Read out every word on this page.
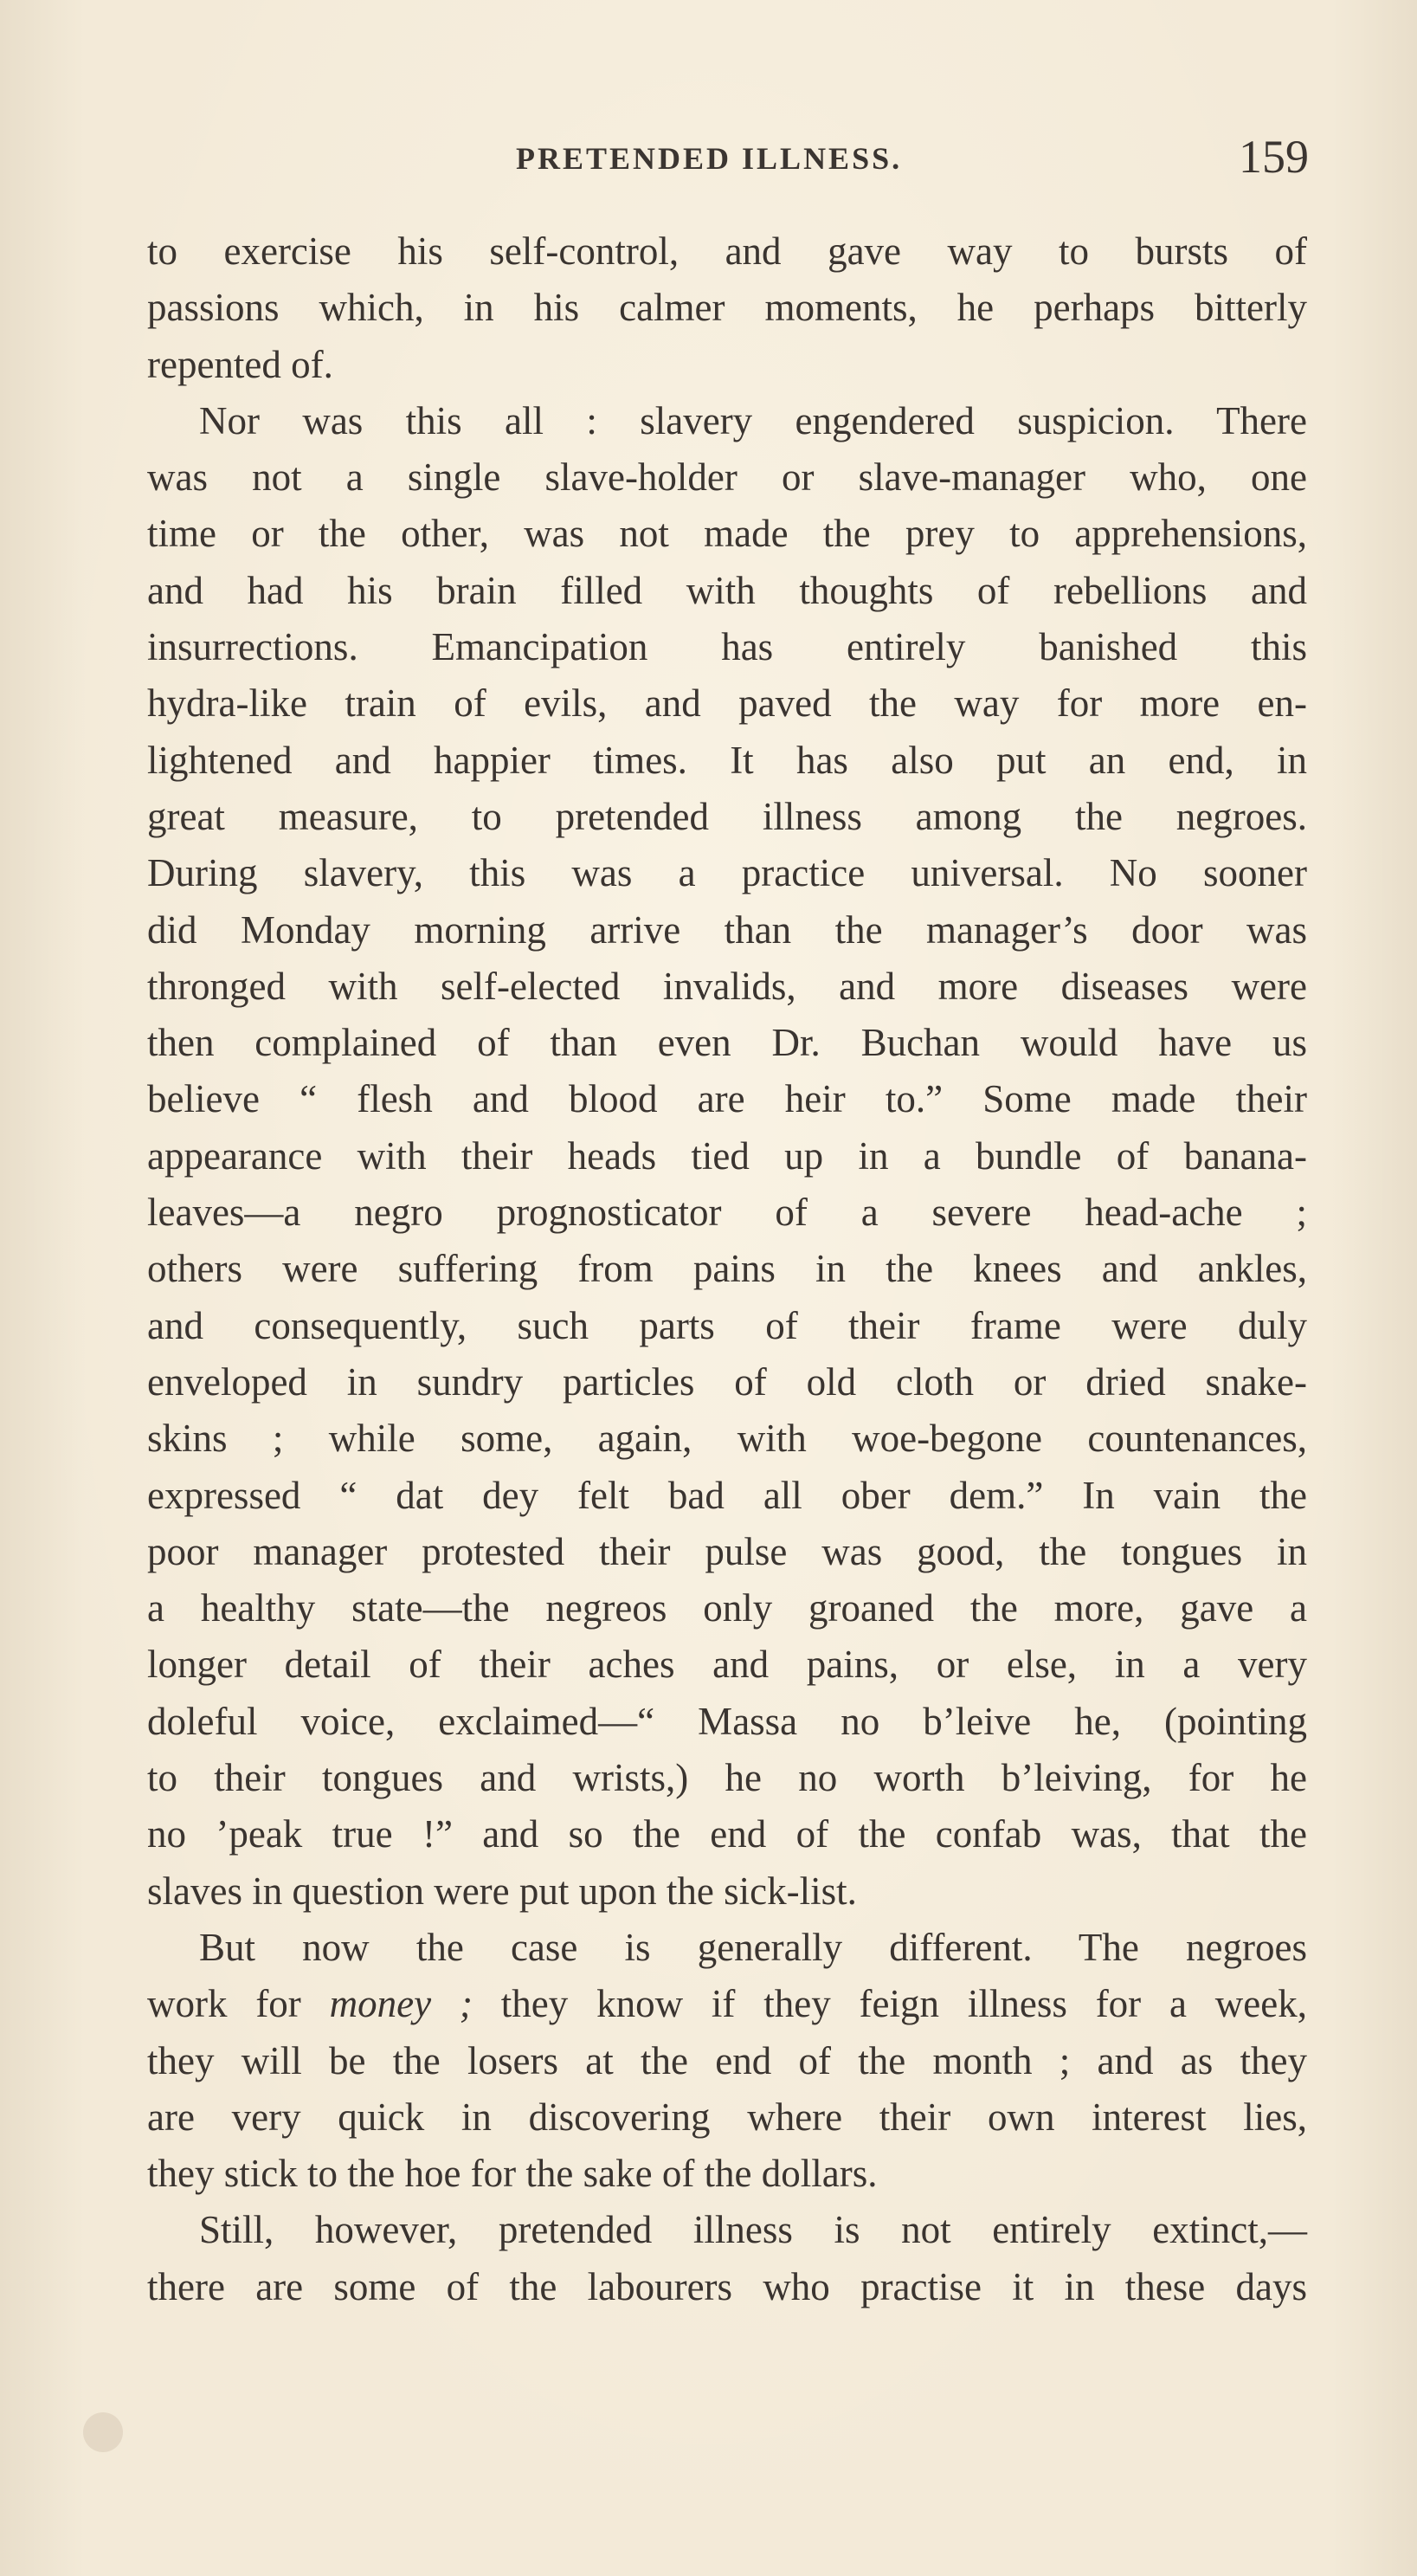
PRETENDED ILLNESS.	159
to exercise his self-control, and gave way to bursts of
passions which, in his calmer moments, he perhaps bitterly
repented of.
Nor was this all : slavery engendered suspicion. There
was not a single slave-holder or slave-manager who, one
time or the other, was not made the prey to apprehensions,
and had his brain filled with thoughts of rebellions and
insurrections. Emancipation has entirely banished this
hydra-like train of evils, and paved the way for more en-
lightened and happier times. It has also put an end, in
great measure, to pretended illness among the negroes.
During slavery, this was a practice universal. No sooner
did Monday morning arrive than the manager’s door was
thronged with self-elected invalids, and more diseases were
then complained of than even Dr. Buchan would have us
believe “ flesh and blood are heir to.” Some made their
appearance with their heads tied up in a bundle of banana-
leaves—a negro prognosticator of a severe head-ache ;
others were suffering from pains in the knees and ankles,
and consequently, such parts of their frame were duly
enveloped in sundry particles of old cloth or dried snake-
skins ; while some, again, with woe-begone countenances,
expressed “ dat dey felt bad all ober dem.” In vain the
poor manager protested their pulse was good, the tongues in
a healthy state—the negreos only groaned the more, gave a
longer detail of their aches and pains, or else, in a very
doleful voice, exclaimed—“ Massa no b’leive he, (pointing
to their tongues and wrists,) he no worth b’leiving, for he
no ’peak true !” and so the end of the confab was, that the
slaves in question were put upon the sick-list.
But now the case is generally different. The negroes
work for money ; they know if they feign illness for a week,
they will be the losers at the end of the month ; and as they
are very quick in discovering where their own interest lies,
they stick to the hoe for the sake of the dollars.
Still, however, pretended illness is not entirely extinct,—
there are some of the labourers who practise it in these days
